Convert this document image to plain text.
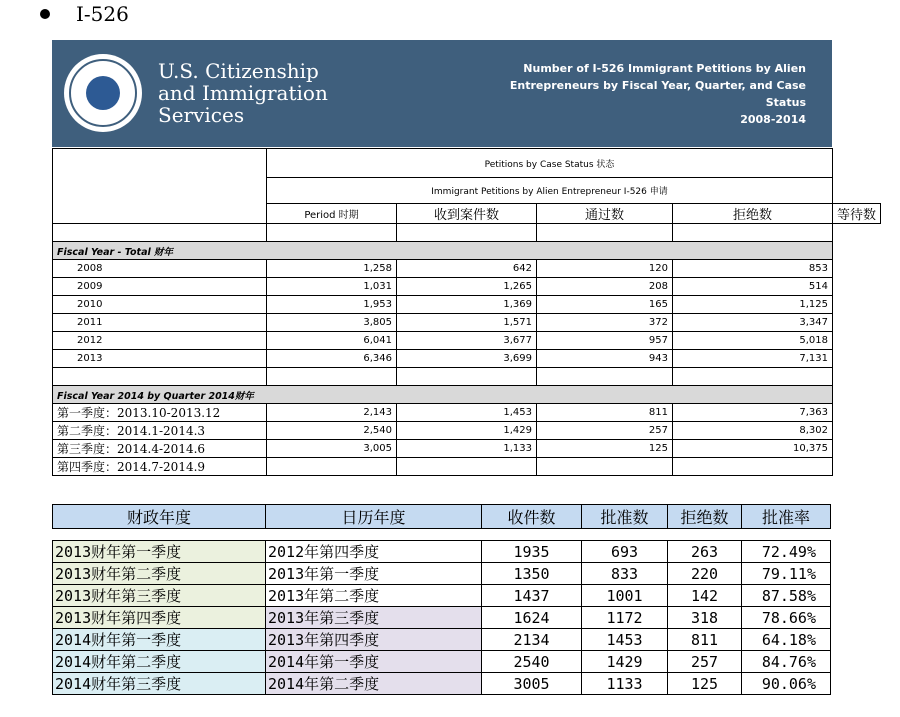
I-526
U.S. Citizenship
and Immigration
Services
Number of I-526 Immigrant Petitions by Alien
Entrepreneurs by Fiscal Year, Quarter, and Case
Status
2008-2014
	Petitions by Case Status 状态				
	Immigrant Petitions by Alien Entrepreneur I-526 申请				
	Period 时期	收到案件数	通过数	拒绝数	等待数

Fiscal Year - Total 财年					
2008	1,258	642	120	853	
2009	1,031	1,265	208	514	
2010	1,953	1,369	165	1,125	
2011	3,805	1,571	372	3,347	
2012	6,041	3,677	957	5,018	
2013	6,346	3,699	943	7,131	

Fiscal Year 2014 by Quarter 2014财年					
第一季度：2013.10-2013.12	2,143	1,453	811	7,363	
第二季度：2014.1-2014.3	2,540	1,429	257	8,302	
第三季度：2014.4-2014.6	3,005	1,133	125	10,375	
第四季度：2014.7-2014.9					
财政年度	日历年度	收件数	批准数	拒绝数	批准率

2013财年第一季度	2012年第四季度	1935	693	263	72.49%
2013财年第二季度	2013年第一季度	1350	833	220	79.11%
2013财年第三季度	2013年第二季度	1437	1001	142	87.58%
2013财年第四季度	2013年第三季度	1624	1172	318	78.66%
2014财年第一季度	2013年第四季度	2134	1453	811	64.18%
2014财年第二季度	2014年第一季度	2540	1429	257	84.76%
2014财年第三季度	2014年第二季度	3005	1133	125	90.06%
